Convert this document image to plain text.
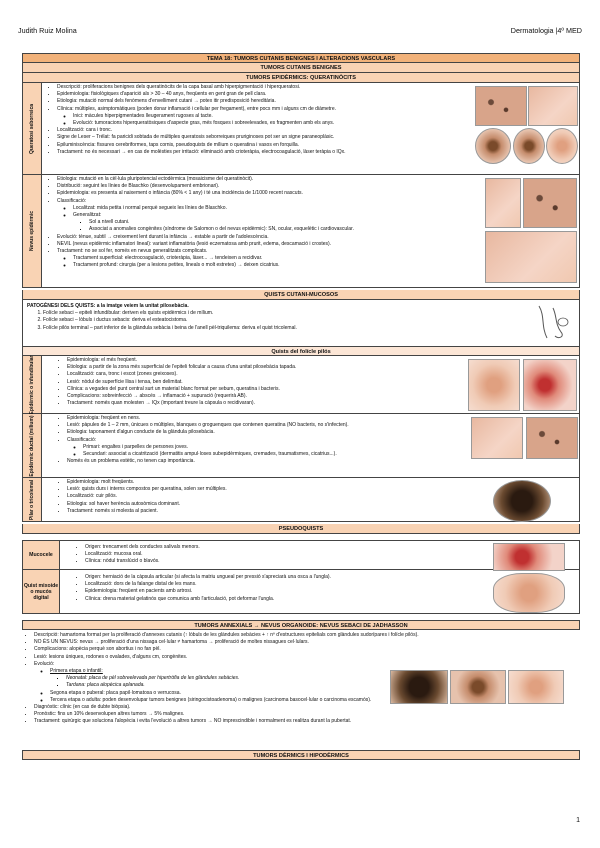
Judith Ruiz Molina	Dermatologia |4º MED
TEMA 18: TUMORS CUTANIS BENIGNES I ALTERACIONS VASCULARS
TUMORS CUTANIS BENIGNES
TUMORS EPIDÈRMICS: QUERATINÒCITS
Queratosi seborreica
• Descripció: proliferacions benignes dels queratinòcits de la capa basal amb hiperpigmentació i hiperqueratosi.
• Epidemiologia: fisiològiques d'aparició als > 30 – 40 anys, freqüents en gent gran de pell clara.
• Etiologia: mutació normal dels fenòmens d'envelliment cutani → potex itir predisposició hereditària.
• Clínica: múltiples, asimptomàtiques (poden donar inflamació i cellular per fregament), entre pocs mm i alguns cm de diàmetre.
◦ Inici: màcules hiperpigmentades lleugerament rugoses al tacte.
◦ Evolució: tumoracions hiperqueratòsiques d'aspecte gras, més fosques i sobreelevades, es fragmenten amb els anys.
• Localització: cara i tronc.
• Signe de Leser – Trélat: fa paricidi sobtada de múltiples queratosis seborreiques pruriginoses pot ser un signe paraneoplàsic.
• Epiluminiscència: fissures cerebriformes, taps cornis, pseudoquists de mílium o queratina i vasos en forquilla.
• Tractament: no és necessari → en cas de molèsties per irritació: eliminació amb crioteràpia, electrocoagulació, làser teràpia o IQx.
Nevus epidèrmic
• Etiologia: mutació en la cèl·lula pluripotencial ectodèrmica (mosaicisme del queratinòcit).
• Distribució: seguint les línies de Blaschko (desenvolupament embrionari).
• Epidemiologia: es presenta al naixement o infància (80% < 1 any) i té una incidència de 1/1000 recent nascuts.
• Classificació:
◦ Localitzat: mida petita i normal perquè segueix les línies de Blaschko.
◦ Generalitzat:
▪ Sol a nivell cutani.
▪ Associat a anomalies congènites (síndrome de Salomon o del nevus epidèrmic): SN, ocular, esquelètic i cardiovascular.
• Evolució: tènue, subtil → creixement lent durant la infància → estable a partir de l'adolescència.
• NEVIL (nevus epidèrmic inflamatori lineal): variant inflamatòria (lesió eczematosa amb prurit, edema, descamació i crostes).
• Tractament: no se sol fer, només en nevus generalitzats complicats.
◦ Tractament superficial: electrocoagulació, crioteràpia, làser... → tendeixen a recidivar.
◦ Tractament profund: cirurgia (per a lesions petites, lineals o molt estretes) → deixen cicatrius.
QUISTS CUTANI-MUCOSOS
PATOGÈNESI DELS QUISTS: a la imatge veiem la unitat pilosebàcia.
1. Folícle sebaci – epiteli infundibular: deriven els quists epidèrmics i de mílium.
2. Folícle sebaci – lòbuls i ductus sebacis: deriva el esteatocistoma.
3. Folícle pilós terminal – part inferior de la glàndula sebàcia i beina de l'anell pèl-triquilema: deriva el quist tricolemal.
Quists del folícle pilós
Epidèrmic o infundibular	• Epidemiologia: el més freqüent.
• Etiologia: a partir de la zona més superficial de l'epiteli folicular a causa d'una unitat pilosebàcia tapada.
• Localització: cara, tronc i escot (zones greixoses).
• Lesió: nòdul de superfície llisa i tensa, ben delimitat.
• Clínica: a vegades del punt central surt un material blanc format per sebum, queratina i bacteris.
• Complicacions: sobreinfecció → abscés → inflamació + supuració (requerirà AB).
• Tractament: només quan molesten → IQx (important treure la càpsula o recidivaran).
Epidèrmic ductal (mílium)	• Epidemiologia: freqüent en nens.
• Lesió: pàpules de 1 – 2 mm, únicues o múltiples, blanques o groguenques que contenen queratina (NO bacteris, no s'infecten).
• Etiologia: taponament d'algun conducte de la glàndula pilosebàcia.
• Classificació:
◦ Primari: engaltes i parpelles de persones joves.
◦ Secundari: associat a cicatrització (dermatitis ampul·loses subepidèrmiques, cremades, traumatismes, cicatrius...).
• Només és un problema estètic, no tenen cap importància.
Pilar o tricolemal	• Epidemiologia: molt freqüents.
• Lesió: quists durs i interns compostos per queratina, solen ser múltiples.
• Localització: cuir pilós.
• Etiologia: sol haver herència autosòmica dominant.
• Tractament: només si molesta al pacient.
PSEUDOQUISTS
Mucocele
• Origen: trencament dels conductes salivals menors.
• Localització: mucosa oral.
• Clínica: nòdul translúcid o blavós.
Quist mixoide o mucós digital
• Origen: herniació de la càpsula articular (si afecta la matriu ungueal per pressió s'apreciarà una osca a l'ungla).
• Localització: dors de la falange distal de les mans.
• Epidemiologia: freqüent en pacients amb artrosi.
• Clínica: drena material gelatinós que comunica amb l'articulació, pot deformar l'ungla.
TUMORS ANNEXIALS → NEVUS ORGANOIDE: NEVUS SEBACI DE JADHASSON
• Descripció: hamartoma format per la proliferació d'annexes cutanis (↑ lòbuls de les glàndules sebàcies + ↑ nº d'estructures epitelials com glàndules sudorípares i folícle pilós).
• NO ÉS UN NEVUS: nevus → proliferació d'una nissaga cel·lular ≠ hamartoma → proliferació de moltes nissagues cel·lulars.
• Complicacions: alopècia perquè son abortius i no fan pèl.
• Lesió: lesions úniques, rodones o ovalades, d'alguns cm, congènites.
• Evolució:
◦ Primera etapa o infantil:
▪ Neonatal: placa de pèl sobreelevada per hipertròfia de les glàndules sebàcies.
▪ Tardana: placa alopècica aplanada.
◦ Segona etapa o puberal: placa papil·lomatosa o verrucosa.
◦ Tercera etapa o adulta: poden desenvolupar tumors benignes (siringocistoadenoma) o malignes (carcinoma basocel·lular o carcinoma escamós).
• Diagnòstic: clínic (en cas de dubte biòpsia).
• Pronòstic: fins un 10% desenvolupen altres tumors → 5% malignes.
• Tractament: quirúrgic que soluciona l'alopècia i evita l'evolució a altres tumors → NO imprescindible i normalment es realitza durant la pubertat.
TUMORS DÈRMICS I HIPODÈRMICS
1
